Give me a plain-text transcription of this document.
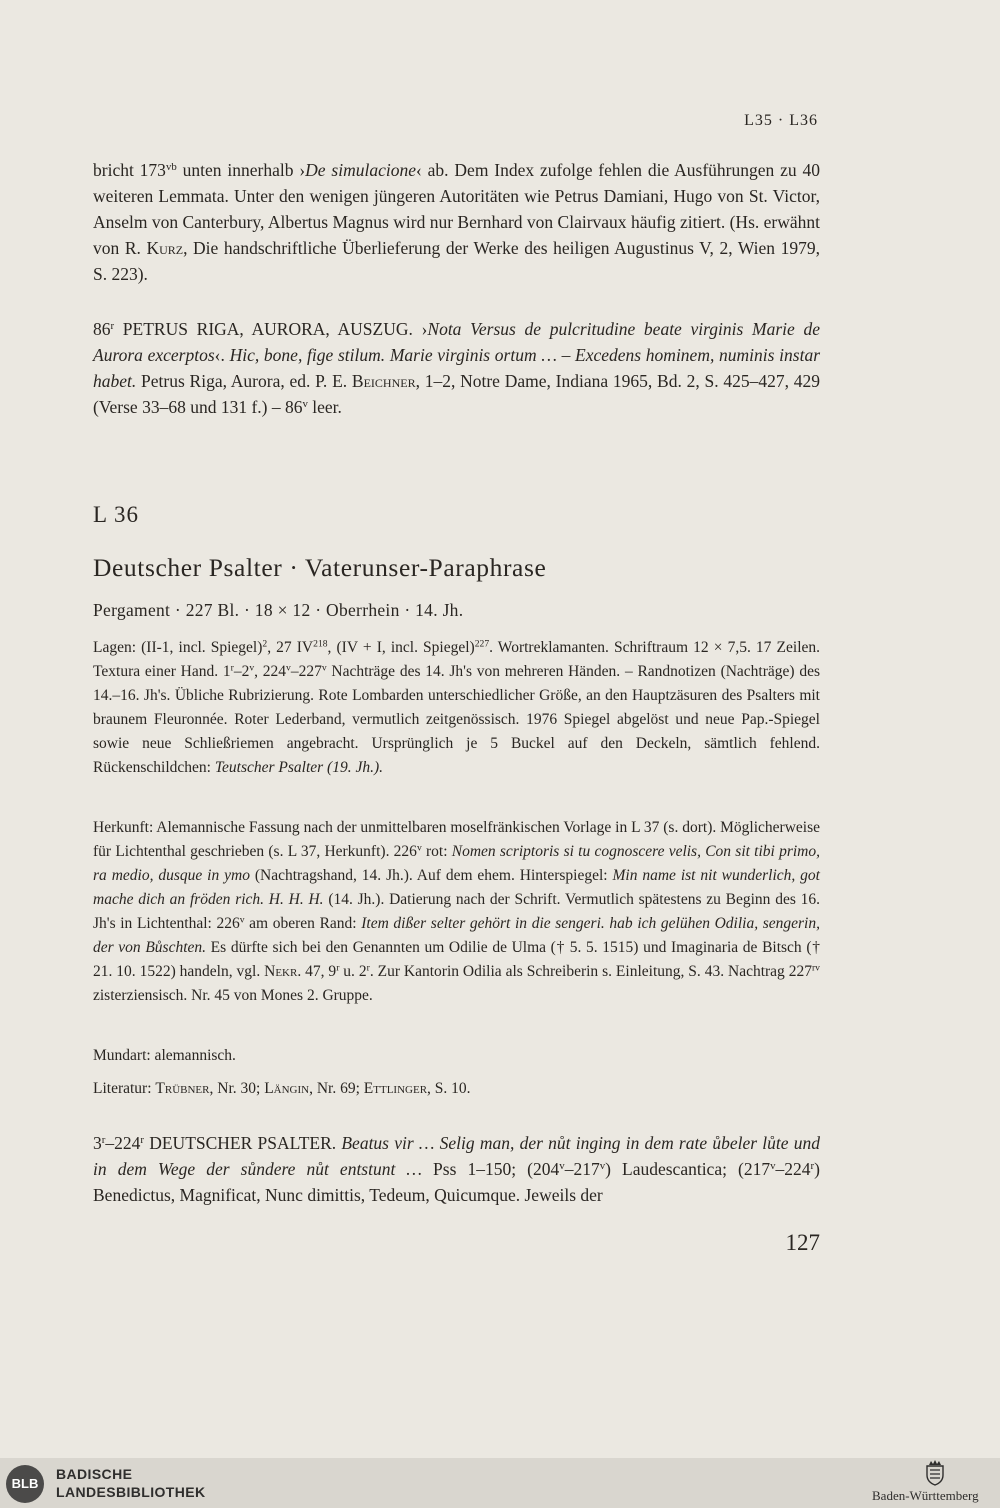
L35 · L36
bricht $173^{vb}$ unten innerhalb ›De simulacione‹ ab. Dem Index zufolge fehlen die Ausführungen zu 40 weiteren Lemmata. Unter den wenigen jüngeren Autoritäten wie Petrus Damiani, Hugo von St. Victor, Anselm von Canterbury, Albertus Magnus wird nur Bernhard von Clairvaux häufig zitiert. (Hs. erwähnt von R. Kurz, Die handschriftliche Überlieferung der Werke des heiligen Augustinus V, 2, Wien 1979, S. 223).
86$^r$ PETRUS RIGA, AURORA, AUSZUG. ›Nota Versus de pulcritudine beate virginis Marie de Aurora excerptos‹. Hic, bone, fige stilum. Marie virginis ortum … – Excedens hominem, numinis instar habet. Petrus Riga, Aurora, ed. P. E. Beichner, 1–2, Notre Dame, Indiana 1965, Bd. 2, S. 425–427, 429 (Verse 33–68 und 131 f.) – 86$^v$ leer.
L 36
Deutscher Psalter · Vaterunser-Paraphrase
Pergament · 227 Bl. · 18 × 12 · Oberrhein · 14. Jh.
Lagen: (II-1, incl. Spiegel)$^2$, 27 IV$^{218}$, (IV + I, incl. Spiegel)$^{227}$. Wortreklamanten. Schriftraum 12 × 7,5. 17 Zeilen. Textura einer Hand. 1$^r$–2$^v$, 224$^v$–227$^v$ Nachträge des 14. Jh's von mehreren Händen. – Randnotizen (Nachträge) des 14.–16. Jh's. Übliche Rubrizierung. Rote Lombarden unterschiedlicher Größe, an den Hauptzäsuren des Psalters mit braunem Fleuronnée. Roter Lederband, vermutlich zeitgenössisch. 1976 Spiegel abgelöst und neue Pap.-Spiegel sowie neue Schließriemen angebracht. Ursprünglich je 5 Buckel auf den Deckeln, sämtlich fehlend. Rückenschildchen: Teutscher Psalter (19. Jh.).
Herkunft: Alemannische Fassung nach der unmittelbaren moselfränkischen Vorlage in L 37 (s. dort). Möglicherweise für Lichtenthal geschrieben (s. L 37, Herkunft). 226$^v$ rot: Nomen scriptoris si tu cognoscere velis, Con sit tibi primo, ra medio, dusque in ymo (Nachtragshand, 14. Jh.). Auf dem ehem. Hinterspiegel: Min name ist nit wunderlich, got mache dich an fröden rich. H. H. H. (14. Jh.). Datierung nach der Schrift. Vermutlich spätestens zu Beginn des 16. Jh's in Lichtenthal: 226$^v$ am oberen Rand: Item dißer selter gehört in die sengeri. hab ich gelühen Odilia, sengerin, der von Bůschten. Es dürfte sich bei den Genannten um Odilie de Ulma († 5. 5. 1515) und Imaginaria de Bitsch († 21. 10. 1522) handeln, vgl. Nekr. 47, 9$^r$ u. 2$^r$. Zur Kantorin Odilia als Schreiberin s. Einleitung, S. 43. Nachtrag $227^{rv}$ zisterziensisch. Nr. 45 von Mones 2. Gruppe.
Mundart: alemannisch.
Literatur: Trübner, Nr. 30; Längin, Nr. 69; Ettlinger, S. 10.
3$^r$–224$^r$ DEUTSCHER PSALTER. Beatus vir … Selig man, der nůt inging in dem rate ůbeler lůte und in dem Wege der sůndere nůt entstunt … Pss 1–150; (204$^v$–217$^v$) Laudescantica; (217$^v$–224$^r$) Benedictus, Magnificat, Nunc dimittis, Tedeum, Quicumque. Jeweils der
127
BLB
BADISCHE
LANDESBIBLIOTHEK	Baden-Württemberg
